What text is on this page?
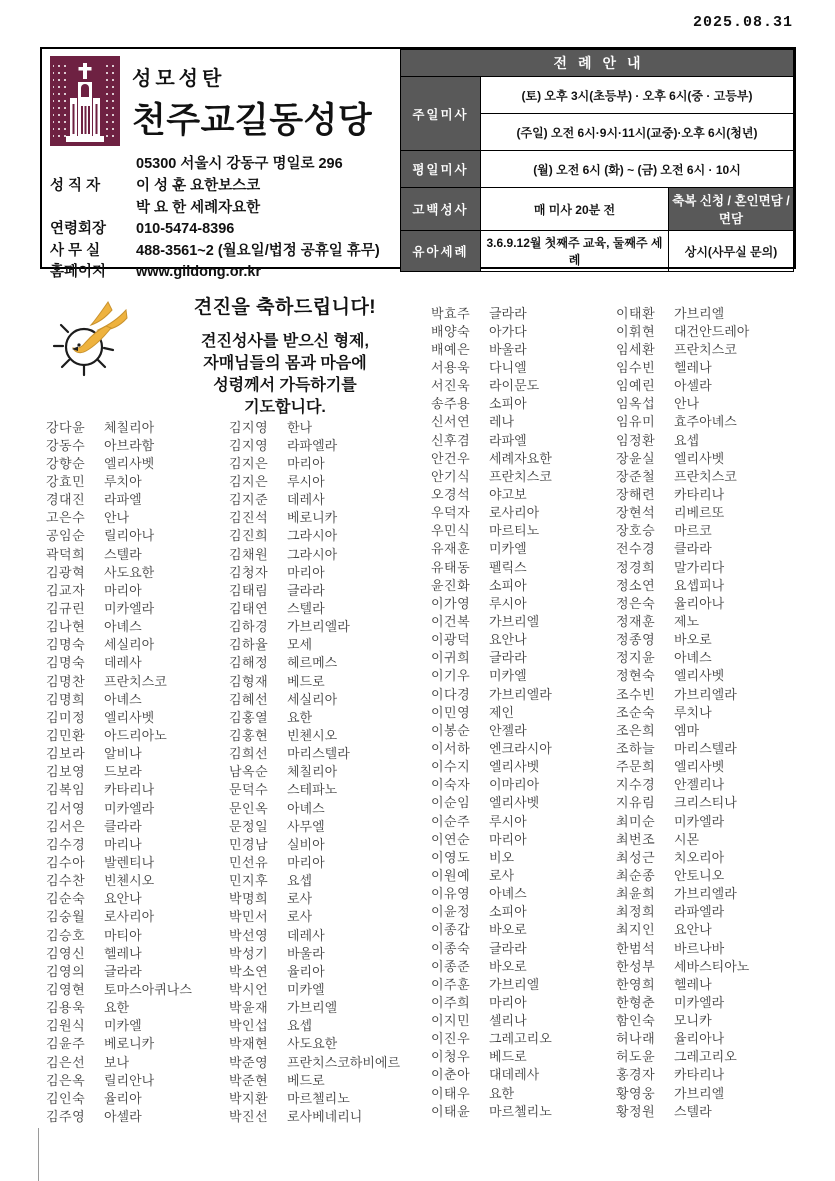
2025.08.31
성모성탄
천주교길동성당
05300 서울시 강동구 명일로 296
성 직 자	이 성 훈 요한보스코
박 요 한 세례자요한
연령회장	010-5474-8396
사 무 실	488-3561~2 (월요일/법정 공휴일 휴무)
홈페이지	www.gildong.or.kr
전례안내		
주일미사	(토) 오후 3시(초등부) · 오후 6시(중 · 고등부)	
	(주일) 오전 6시·9시·11시(교중)·오후 6시(청년)	
평일미사	(월) 오전 6시 (화) ~ (금) 오전 6시 · 10시	
고백성사	매 미사 20분 전	축복 신청 / 혼인면담 / 면담
유아세례	3.6.9.12월 첫째주 교육, 둘째주 세례	상시(사무실 문의)
견진을 축하드립니다!
견진성사를 받으신 형제,
자매님들의 몸과 마음에
성령께서 가득하기를
기도합니다.
강다윤	체칠리아
강동수	아브라함
강향순	엘리사벳
강효민	루치아
경대진	라파엘
고은수	안나
공임순	릴리아나
곽덕희	스텔라
김광혁	사도요한
김교자	마리아
김규린	미카엘라
김나현	아녜스
김명숙	세실리아
김명숙	데레사
김명찬	프란치스코
김명희	아녜스
김미정	엘리사벳
김민환	아드리아노
김보라	알비나
김보영	드보라
김복임	카타리나
김서영	미카엘라
김서은	클라라
김수경	마리나
김수아	발렌티나
김수찬	빈첸시오
김순숙	요안나
김숭월	로사리아
김승호	마티아
김영신	헬레나
김영의	글라라
김영현	토마스아퀴나스
김용욱	요한
김원식	미카엘
김윤주	베로니카
김은선	보나
김은옥	릴리안나
김인숙	율리아
김주영	아셀라
김지영	한나
김지영	라파엘라
김지은	마리아
김지은	루시아
김지준	데레사
김진석	베로니카
김진희	그라시아
김채원	그라시아
김청자	마리아
김태림	글라라
김태연	스텔라
김하경	가브리엘라
김하율	모세
김해정	헤르메스
김형재	베드로
김혜선	세실리아
김홍열	요한
김홍현	빈첸시오
김희선	마리스텔라
남옥순	체칠리아
문덕수	스테파노
문인옥	아녜스
문정일	사무엘
민경남	실비아
민선유	마리아
민지후	요셉
박명희	로사
박민서	로사
박선영	데레사
박성기	바울라
박소연	율리아
박시언	미카엘
박윤재	가브리엘
박인섭	요셉
박재현	사도요한
박준영	프란치스코하비에르
박준현	베드로
박지환	마르첼리노
박진선	로사베네리니
박효주	글라라
배양숙	아가다
배예은	바울라
서용욱	다니엘
서진욱	라이문도
송주용	소피아
신서연	레나
신후겸	라파엘
안건우	세례자요한
안기식	프란치스코
오경석	야고보
우덕자	로사리아
우민식	마르티노
유재훈	미카엘
유태동	펠릭스
윤진화	소피아
이가영	루시아
이건복	가브리엘
이광덕	요안나
이귀희	글라라
이기우	미카엘
이다경	가브리엘라
이민영	제인
이봉순	안젤라
이서하	엔크라시아
이수지	엘리사벳
이숙자	이마리아
이순임	엘리사벳
이순주	루시아
이연순	마리아
이영도	비오
이원예	로사
이유영	아녜스
이윤정	소피아
이종갑	바오로
이종숙	글라라
이종준	바오로
이주훈	가브리엘
이주희	마리아
이지민	셀리나
이진우	그레고리오
이청우	베드로
이춘아	대데레사
이태우	요한
이태윤	마르첼리노
이태환	가브리엘
이휘현	대건안드레아
임세환	프란치스코
임수빈	헬레나
임예린	아셀라
임옥섭	안나
임유미	효주아녜스
임정환	요셉
장윤실	엘리사벳
장준철	프란치스코
장해련	카타리나
장현석	리베르또
장호승	마르코
전수경	클라라
정경희	말가리다
정소연	요셉피나
정은숙	율리아나
정재훈	제노
정종영	바오로
정지윤	아녜스
정현숙	엘리사벳
조수빈	가브리엘라
조순숙	루치나
조은희	엠마
조하늘	마리스텔라
주문희	엘리사벳
지수경	안젤리나
지유림	크리스티나
최미순	미카엘라
최번조	시몬
최성근	치오리아
최순종	안토니오
최윤희	가브리엘라
최정희	라파엘라
최지인	요안나
한범석	바르나바
한성부	세바스티아노
한영희	헬레나
한형춘	미카엘라
함인숙	모니카
허나래	율리아나
허도윤	그레고리오
홍경자	카타리나
황영웅	가브리엘
황정원	스텔라
